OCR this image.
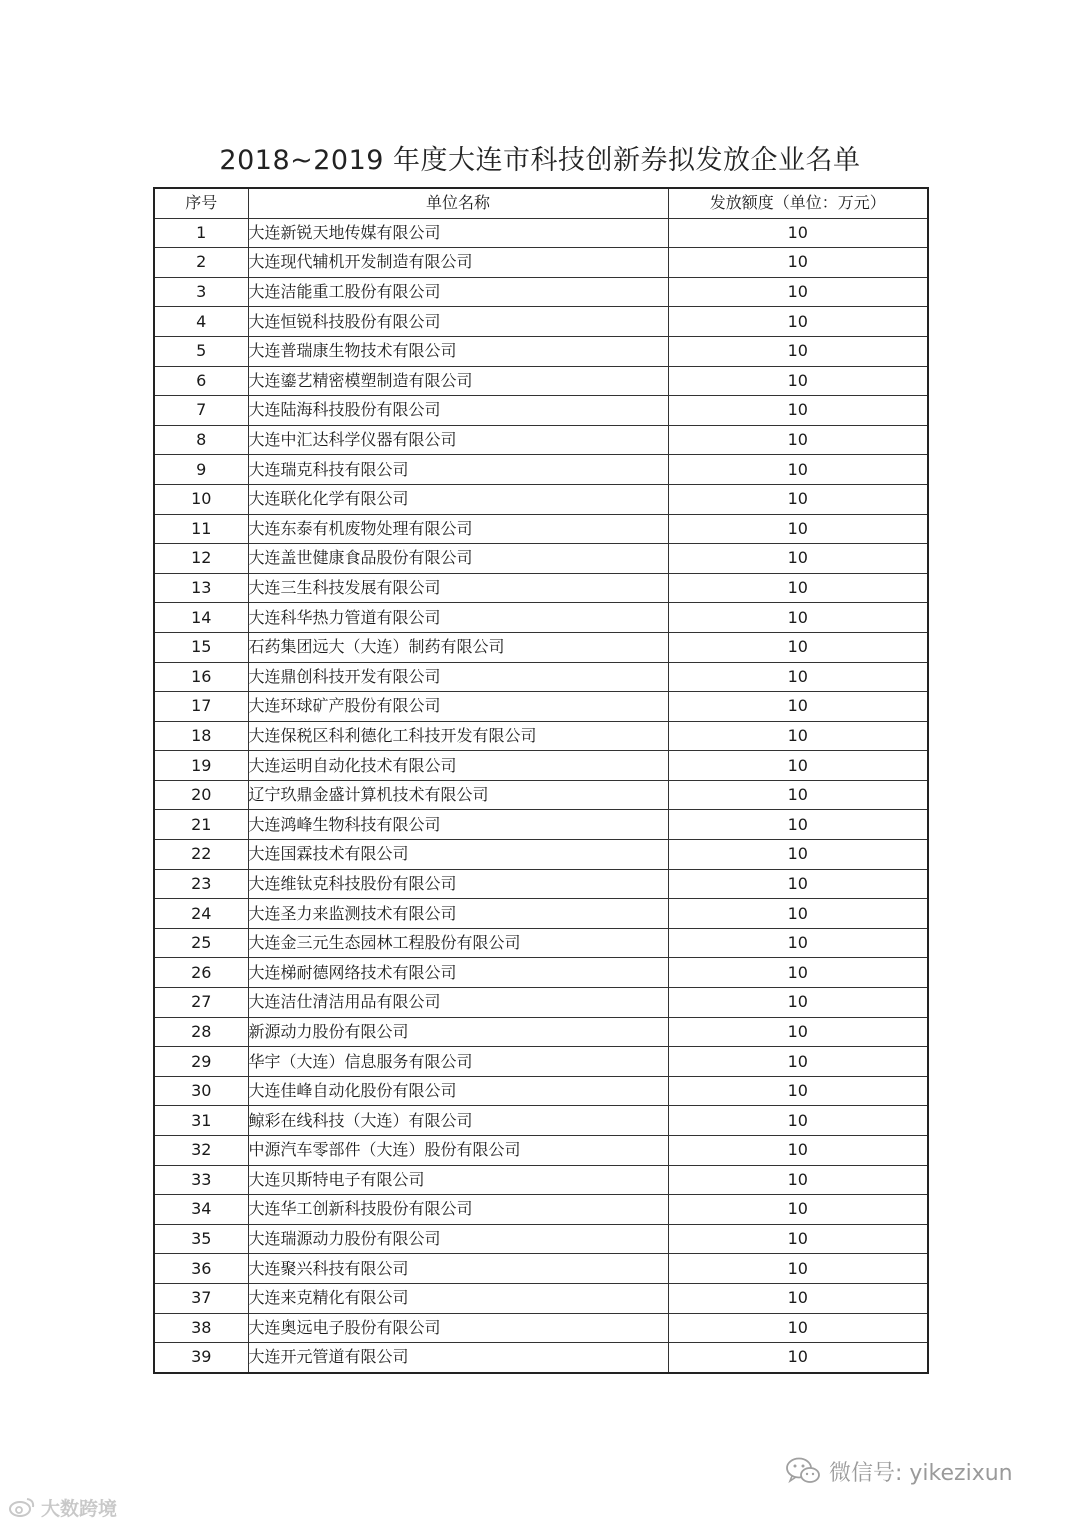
2018~2019 年度大连市科技创新券拟发放企业名单
序号	单位名称	发放额度（单位：万元）
1	大连新锐天地传媒有限公司	10
2	大连现代辅机开发制造有限公司	10
3	大连洁能重工股份有限公司	10
4	大连恒锐科技股份有限公司	10
5	大连普瑞康生物技术有限公司	10
6	大连鎏艺精密模塑制造有限公司	10
7	大连陆海科技股份有限公司	10
8	大连中汇达科学仪器有限公司	10
9	大连瑞克科技有限公司	10
10	大连联化化学有限公司	10
11	大连东泰有机废物处理有限公司	10
12	大连盖世健康食品股份有限公司	10
13	大连三生科技发展有限公司	10
14	大连科华热力管道有限公司	10
15	石药集团远大（大连）制药有限公司	10
16	大连鼎创科技开发有限公司	10
17	大连环球矿产股份有限公司	10
18	大连保税区科利德化工科技开发有限公司	10
19	大连运明自动化技术有限公司	10
20	辽宁玖鼎金盛计算机技术有限公司	10
21	大连鸿峰生物科技有限公司	10
22	大连国霖技术有限公司	10
23	大连维钛克科技股份有限公司	10
24	大连圣力来监测技术有限公司	10
25	大连金三元生态园林工程股份有限公司	10
26	大连梯耐德网络技术有限公司	10
27	大连洁仕清洁用品有限公司	10
28	新源动力股份有限公司	10
29	华宇（大连）信息服务有限公司	10
30	大连佳峰自动化股份有限公司	10
31	鲸彩在线科技（大连）有限公司	10
32	中源汽车零部件（大连）股份有限公司	10
33	大连贝斯特电子有限公司	10
34	大连华工创新科技股份有限公司	10
35	大连瑞源动力股份有限公司	10
36	大连聚兴科技有限公司	10
37	大连来克精化有限公司	10
38	大连奥远电子股份有限公司	10
39	大连开元管道有限公司	10
微信号: yikezixun
大数跨境
